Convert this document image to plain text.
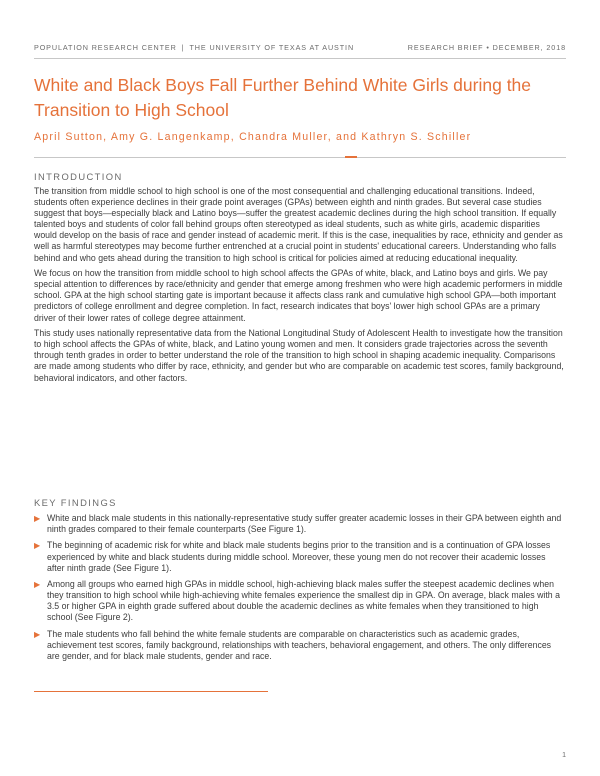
POPULATION RESEARCH CENTER | THE UNIVERSITY OF TEXAS AT AUSTIN	RESEARCH BRIEF • DECEMBER, 2018
White and Black Boys Fall Further Behind White Girls during the
Transition to High School
April Sutton, Amy G. Langenkamp, Chandra Muller, and Kathryn S. Schiller
INTRODUCTION

The transition from middle school to high school is one of the most consequential and challenging educational transitions. Indeed, students often experience declines in their grade point averages (GPAs) between eighth and ninth grades. But several case studies suggest that boys—especially black and Latino boys—suffer the greatest academic declines during the high school transition. If equally talented boys and students of color fall behind groups often stereotyped as ideal students, such as white girls, academic disparities would develop on the basis of race and gender instead of academic merit. If this is the case, inequalities by race, ethnicity and gender as well as harmful stereotypes may become further entrenched at a crucial point in students' educational careers. Understanding who falls behind and who gets ahead during the transition to high school is critical for policies aimed at reducing educational inequality.

We focus on how the transition from middle school to high school affects the GPAs of white, black, and Latino boys and girls. We pay special attention to differences by race/ethnicity and gender that emerge among freshmen who were high academic performers in middle school. GPA at the high school starting gate is important because it affects class rank and cumulative high school GPA—both important predictors of college enrollment and degree completion. In fact, research indicates that boys' lower high school GPAs are a primary driver of their lower rates of college degree attainment.

This study uses nationally representative data from the National Longitudinal Study of Adolescent Health to investigate how the transition to high school affects the GPAs of white, black, and Latino young women and men. It considers grade trajectories across the seventh through tenth grades in order to better understand the role of the transition to high school in shaping academic inequality. Comparisons are made among students who differ by race, ethnicity, and gender but who are comparable on academic test scores, family background, behavioral indicators, and other factors.

KEY FINDINGS
▶ White and black male students in this nationally-representative study suffer greater academic losses in their GPA between eighth and ninth grades compared to their female counterparts (See Figure 1).
▶ The beginning of academic risk for white and black male students begins prior to the transition and is a continuation of GPA losses experienced by white and black students during middle school. Moreover, these young men do not recover their academic losses after ninth grade (See Figure 1).
▶ Among all groups who earned high GPAs in middle school, high-achieving black males suffer the steepest academic declines when they transition to high school while high-achieving white females experience the smallest dip in GPA. On average, black males with a 3.5 or higher GPA in eighth grade suffered about double the academic declines as white females when they transitioned to high school (See Figure 2).
▶ The male students who fall behind the white female students are comparable on characteristics such as academic grades, achievement test scores, family background, relationships with teachers, behavioral engagement, and others. The only differences are gender, and for black male students, gender and race.
1
